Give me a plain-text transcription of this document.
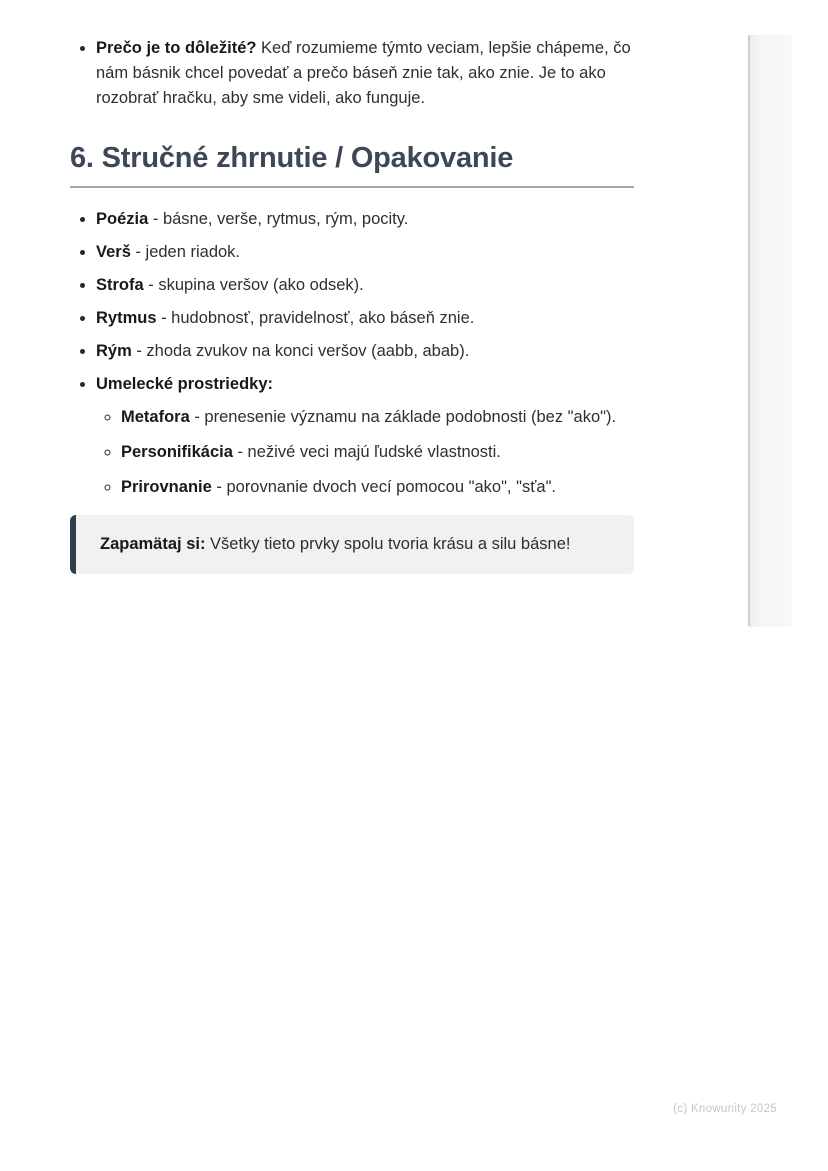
• Prečo je to dôležité? Keď rozumieme týmto veciam, lepšie chápeme, čo nám básnik chcel povedať a prečo báseň znie tak, ako znie. Je to ako rozobrať hračku, aby sme videli, ako funguje.
6. Stručné zhrnutie / Opakovanie
• Poézia - básne, verše, rytmus, rým, pocity.
• Verš - jeden riadok.
• Strofa - skupina veršov (ako odsek).
• Rytmus - hudobnosť, pravidelnosť, ako báseň znie.
• Rým - zhoda zvukov na konci veršov (aabb, abab).
• Umelecké prostriedky:
◦ Metafora - prenesenie významu na základe podobnosti (bez "ako").
◦ Personifikácia - neživé veci majú ľudské vlastnosti.
◦ Prirovnanie - porovnanie dvoch vecí pomocou "ako", "sťa".
Zapamätaj si: Všetky tieto prvky spolu tvoria krásu a silu básne!
(c) Knowunity 2025
